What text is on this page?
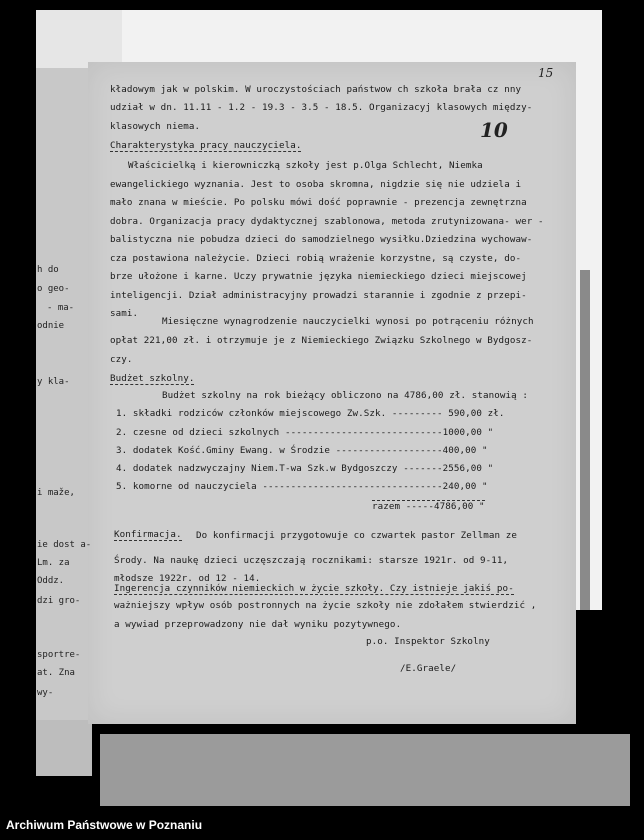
h do
o geo-
- ma-
odnie
y kla-
i maže,
ie dost a-
Lm. za
Oddz.
dzi gro-
sportre-
at. Zna
wy-
15
10
kładowym jak w polskim. W uroczystościach państwow ch szkoła brała cz nny
udział w dn. 11.11 - 1.2 - 19.3 - 3.5 - 18.5. Organizacyj klasowych między-
klasowych niema.
Charakterystyka pracy nauczyciela.
Właścicielką i kierowniczką szkoły jest p.Olga Schlecht, Niemka
ewangelickiego wyznania. Jest to osoba skromna, nigdzie się nie udziela i
mało znana w mieście. Po polsku mówi dość poprawnie - prezencja zewnętrzna
dobra. Organizacja pracy dydaktycznej szablonowa, metoda zrutynizowana- wer -
balistyczna nie pobudza dzieci do samodzielnego wysiłku.Dziedzina wychowaw-
cza postawiona należycie. Dzieci robią wrażenie korzystne, są czyste, do-
brze ułożone i karne. Uczy prywatnie języka niemieckiego dzieci miejscowej
inteligencji. Dział administracyjny prowadzi starannie i zgodnie z przepi-
sami.
Miesięczne wynagrodzenie nauczycielki wynosi po potrąceniu różnych
opłat 221,00 zł. i otrzymuje je z Niemieckiego Związku Szkolnego w Bydgosz-
czy.
Budżet szkolny.
Budżet szkolny na rok bieżący obliczono na 4786,00 zł. stanowią :
1. składki rodziców członków miejscowego Zw.Szk. --------- 590,00 zł.
2. czesne od dzieci szkolnych ----------------------------1000,00 "
3. dodatek Kość.Gminy Ewang. w Środzie -------------------400,00 "
4. dodatek nadzwyczajny Niem.T-wa Szk.w Bydgoszczy -------2556,00 "
5. komorne od nauczyciela --------------------------------240,00 "
razem -----4786,00 "
Konfirmacja. Do konfirmacji przygotowuje co czwartek pastor Zellman ze
Środy. Na naukę dzieci uczęszczają rocznikami: starsze 1921r. od 9-11,
młodsze 1922r. od 12 - 14.
Ingerencja czynników niemieckich w życie szkoły. Czy istnieje jakiś po-
ważniejszy wpływ osób postronnych na życie szkoły nie zdołałem stwierdzić ,
a wywiad przeprowadzony nie dał wyniku pozytywnego.
p.o. Inspektor Szkolny
/E.Graele/
Archiwum Państwowe w Poznaniu
